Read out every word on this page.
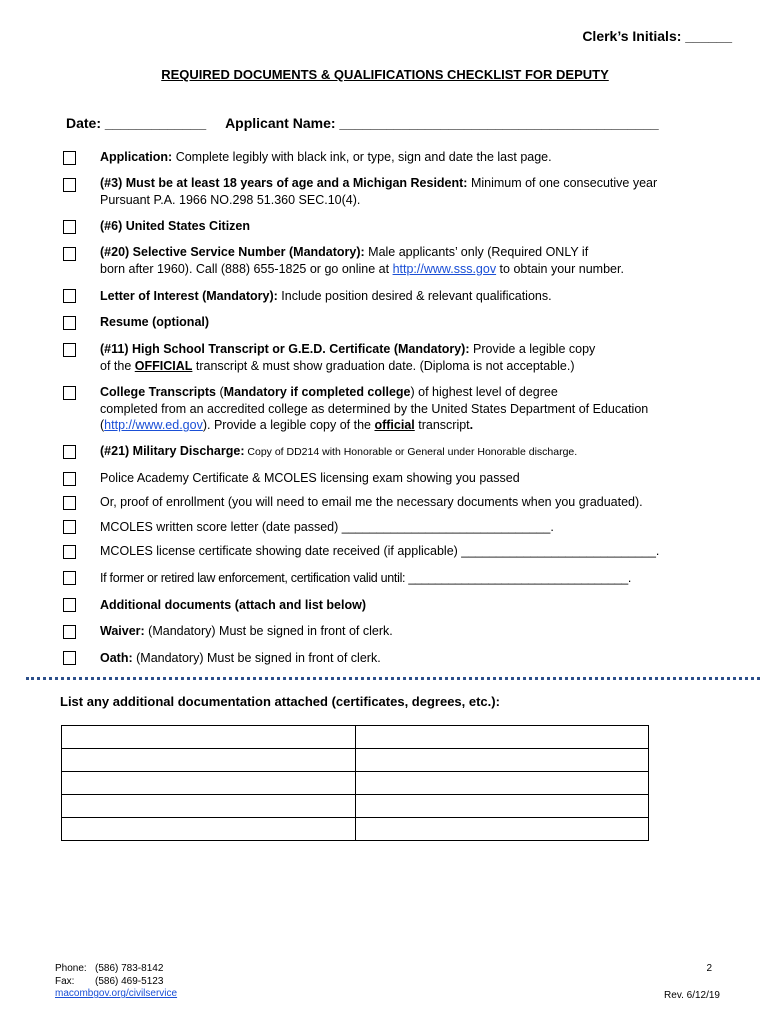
Clerk’s Initials: ______
REQUIRED DOCUMENTS & QUALIFICATIONS CHECKLIST FOR DEPUTY
Date: _____________ Applicant Name: _________________________________________
Application: Complete legibly with black ink, or type, sign and date the last page.
(#3) Must be at least 18 years of age and a Michigan Resident: Minimum of one consecutive year
Pursuant P.A. 1966 NO.298 51.360 SEC.10(4).
(#6) United States Citizen
(#20) Selective Service Number (Mandatory): Male applicants’ only (Required ONLY if
born after 1960). Call (888) 655-1825 or go online at http://www.sss.gov to obtain your number.
Letter of Interest (Mandatory): Include position desired & relevant qualifications.
Resume (optional)
(#11) High School Transcript or G.E.D. Certificate (Mandatory): Provide a legible copy
of the OFFICIAL transcript & must show graduation date. (Diploma is not acceptable.)
College Transcripts (Mandatory if completed college) of highest level of degree
completed from an accredited college as determined by the United States Department of Education
(http://www.ed.gov). Provide a legible copy of the official transcript.
(#21) Military Discharge: Copy of DD214 with Honorable or General under Honorable discharge.
Police Academy Certificate & MCOLES licensing exam showing you passed
Or, proof of enrollment (you will need to email me the necessary documents when you graduated).
MCOLES written score letter (date passed) ______________________________.
MCOLES license certificate showing date received (if applicable) ____________________________.
If former or retired law enforcement, certification valid until: _________________________________.
Additional documents (attach and list below)
Waiver: (Mandatory) Must be signed in front of clerk.
Oath: (Mandatory) Must be signed in front of clerk.
List any additional documentation attached (certificates, degrees, etc.):

Phone: (586) 783-8142
Fax: (586) 469-5123
macombgov.org/civilservice
2
Rev. 6/12/19
